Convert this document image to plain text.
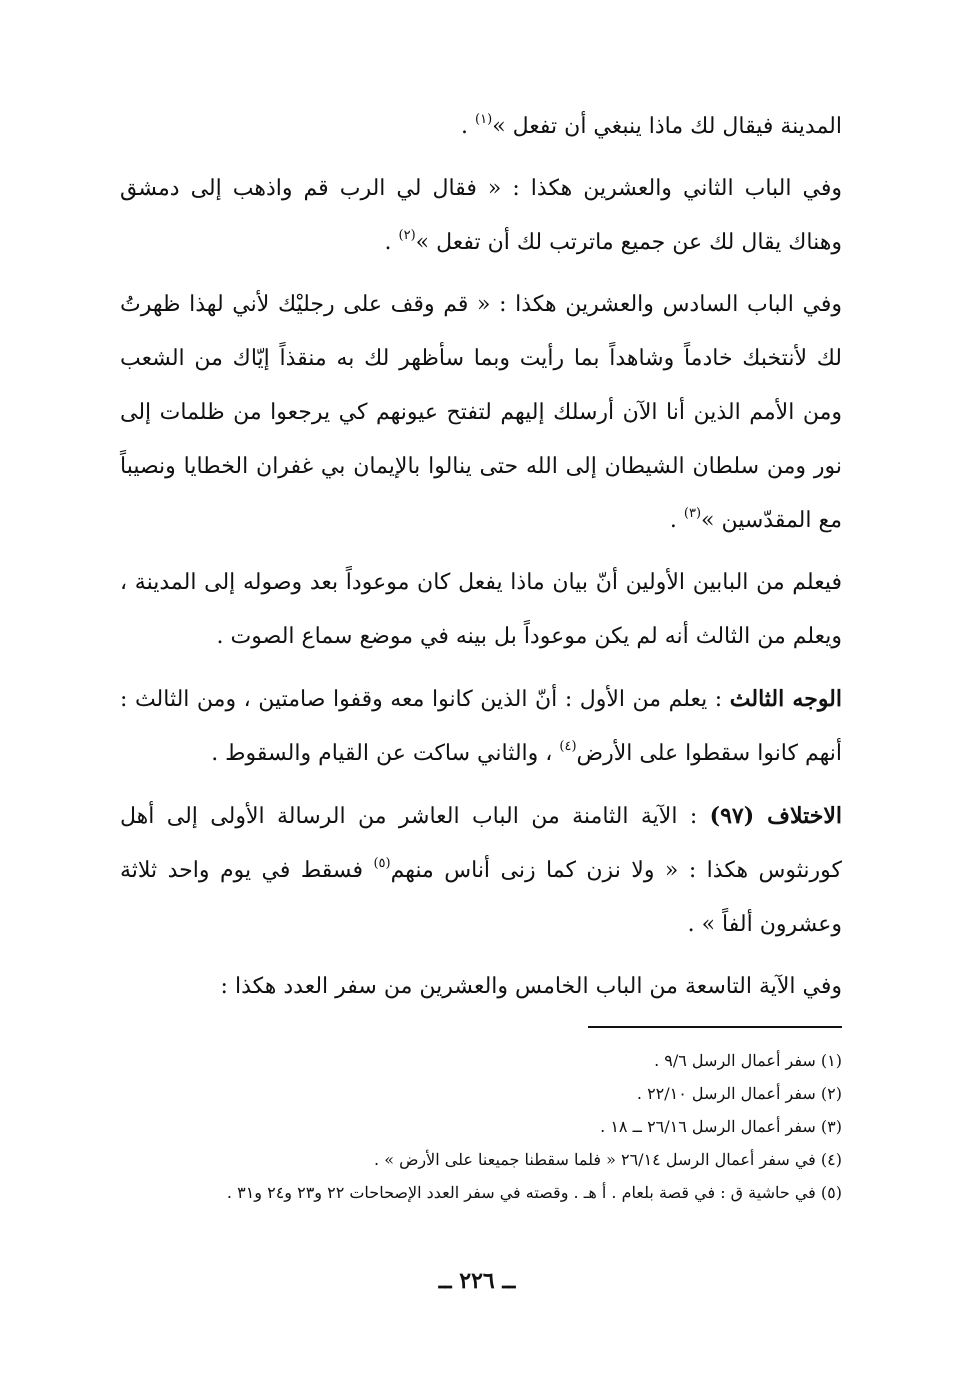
المدينة فيقال لك ماذا ينبغي أن تفعل »$^{(١)}$ .

وفي الباب الثاني والعشرين هكذا : « فقال لي الرب قم واذهب إلى دمشق وهناك يقال لك عن جميع ماترتب لك أن تفعل »$^{(٢)}$ .

وفي الباب السادس والعشرين هكذا : « قم وقف على رجليْك لأني لهذا ظهرتُ لك لأنتخبك خادماً وشاهداً بما رأيت وبما سأظهر لك به منقذاً إيّاك من الشعب ومن الأمم الذين أنا الآن أرسلك إليهم لتفتح عيونهم كي يرجعوا من ظلمات إلى نور ومن سلطان الشيطان إلى الله حتى ينالوا بالإيمان بي غفران الخطايا ونصيباً مع المقدّسين »$^{(٣)}$ .

فيعلم من البابين الأولين أنّ بيان ماذا يفعل كان موعوداً بعد وصوله إلى المدينة ، ويعلم من الثالث أنه لم يكن موعوداً بل بينه في موضع سماع الصوت .

الوجه الثالث : يعلم من الأول : أنّ الذين كانوا معه وقفوا صامتين ، ومن الثالث : أنهم كانوا سقطوا على الأرض$^{(٤)}$ ، والثاني ساكت عن القيام والسقوط .

الاختلاف (٩٧) : الآية الثامنة من الباب العاشر من الرسالة الأولى إلى أهل كورنثوس هكذا : « ولا نزن كما زنى أناس منهم$^{(٥)}$ فسقط في يوم واحد ثلاثة وعشرون ألفاً » .

وفي الآية التاسعة من الباب الخامس والعشرين من سفر العدد هكذا :

(١) سفر أعمال الرسل ٩/٦ .
(٢) سفر أعمال الرسل ٢٢/١٠ .
(٣) سفر أعمال الرسل ٢٦/١٦ ــ ١٨ .
(٤) في سفر أعمال الرسل ٢٦/١٤ « فلما سقطنا جميعنا على الأرض » .
(٥) في حاشية ق : في قصة بلعام . أ هـ . وقصته في سفر العدد الإصحاحات ٢٢ و٢٣ و٢٤ و٣١ .
ــ ٢٢٦ ــ
